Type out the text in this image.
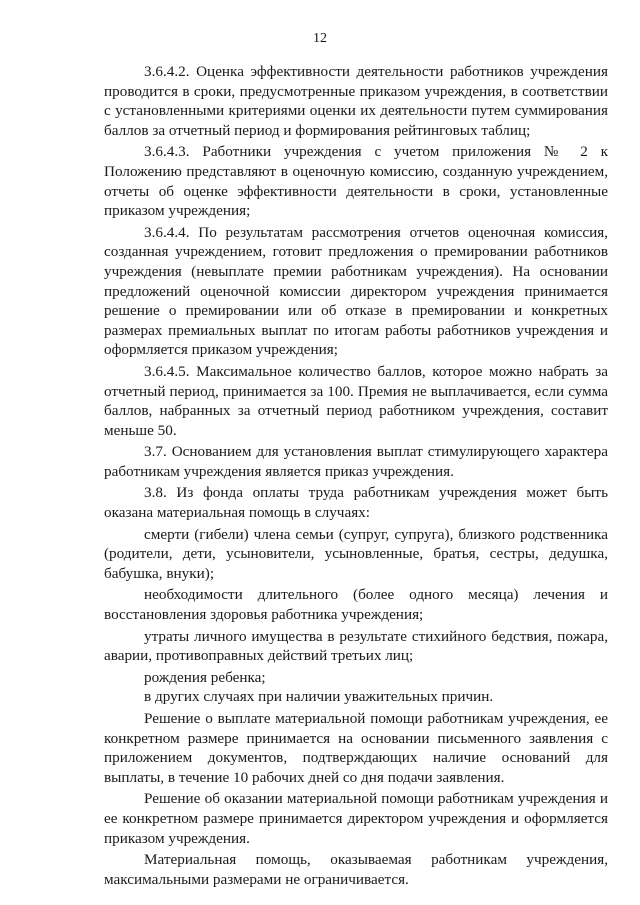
12

3.6.4.2. Оценка эффективности деятельности работников учреждения проводится в сроки, предусмотренные приказом учреждения, в соответствии с установленными критериями оценки их деятельности путем суммирования баллов за отчетный период и формирования рейтинговых таблиц;

3.6.4.3. Работники учреждения с учетом приложения № 2 к Положению представляют в оценочную комиссию, созданную учреждением, отчеты об оценке эффективности деятельности в сроки, установленные приказом учреждения;

3.6.4.4. По результатам рассмотрения отчетов оценочная комиссия, созданная учреждением, готовит предложения о премировании работников учреждения (невыплате премии работникам учреждения). На основании предложений оценочной комиссии директором учреждения принимается решение о премировании или об отказе в премировании и конкретных размерах премиальных выплат по итогам работы работников учреждения и оформляется приказом учреждения;

3.6.4.5. Максимальное количество баллов, которое можно набрать за отчетный период, принимается за 100. Премия не выплачивается, если сумма баллов, набранных за отчетный период работником учреждения, составит меньше 50.

3.7. Основанием для установления выплат стимулирующего характера работникам учреждения является приказ учреждения.

3.8. Из фонда оплаты труда работникам учреждения может быть оказана материальная помощь в случаях:

смерти (гибели) члена семьи (супруг, супруга), близкого родственника (родители, дети, усыновители, усыновленные, братья, сестры, дедушка, бабушка, внуки);

необходимости длительного (более одного месяца) лечения и восстановления здоровья работника учреждения;

утраты личного имущества в результате стихийного бедствия, пожара, аварии, противоправных действий третьих лиц;

рождения ребенка;

в других случаях при наличии уважительных причин.

Решение о выплате материальной помощи работникам учреждения, ее конкретном размере принимается на основании письменного заявления с приложением документов, подтверждающих наличие оснований для выплаты, в течение 10 рабочих дней со дня подачи заявления.

Решение об оказании материальной помощи работникам учреждения и ее конкретном размере принимается директором учреждения и оформляется приказом учреждения.

Материальная помощь, оказываемая работникам учреждения, максимальными размерами не ограничивается.
